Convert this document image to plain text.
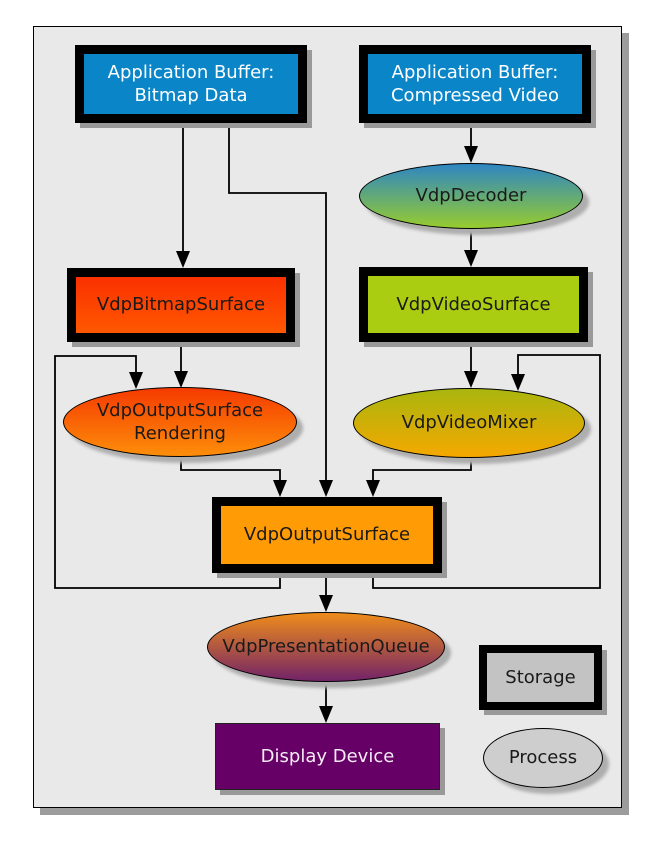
Application Buffer:
Bitmap Data
Application Buffer:
Compressed Video
VdpDecoder
VdpBitmapSurface	VdpVideoSurface
VdpOutputSurface
Rendering
VdpVideoMixer
VdpOutputSurface
VdpPresentationQueue
Display Device
Storage
Process
